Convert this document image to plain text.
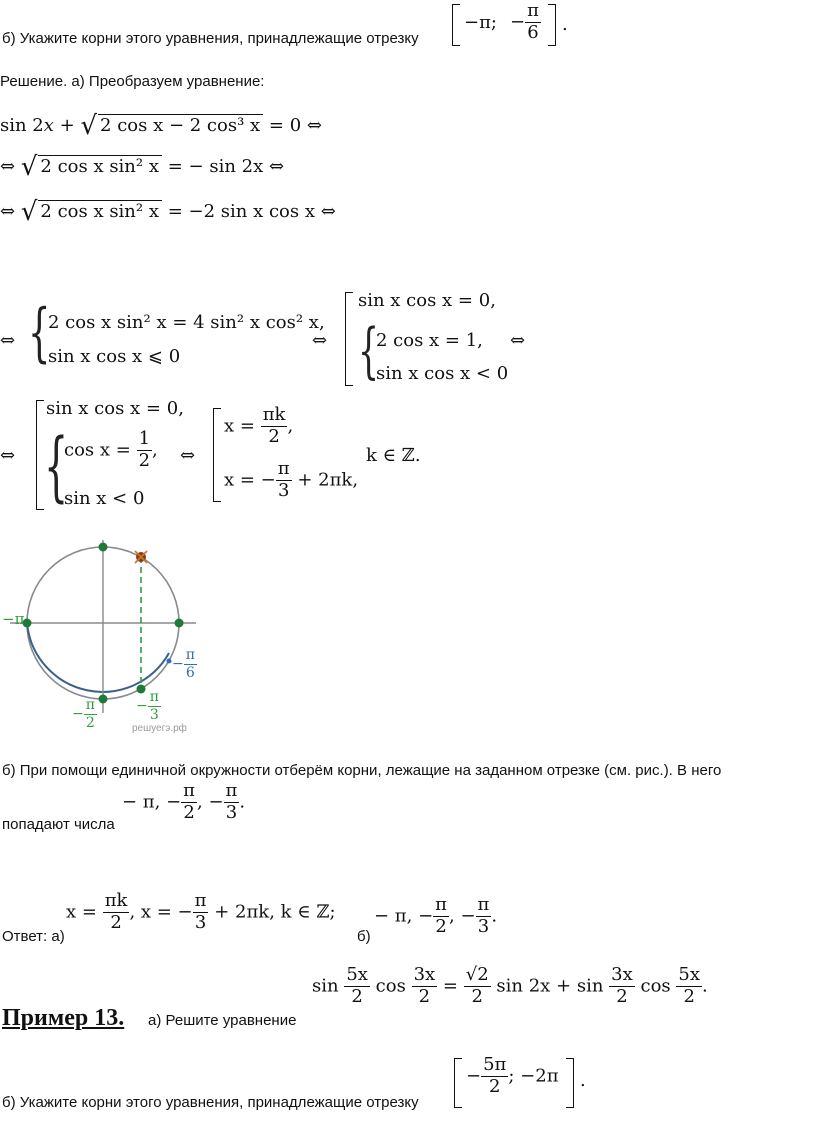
б) Укажите корни этого уравнения, принадлежащие отрезку
−π; − $\frac{\pi}{6}$ .
Решение. а) Преобразуем уравнение:
sin 2x + √ 2 cos x − 2 cos³ x = 0 ⇔
⇔ √ 2 cos x sin² x = − sin 2x ⇔
⇔ √ 2 cos x sin² x = −2 sin x cos x ⇔
⇔ {
2 cos x sin² x = 4 sin² x cos² x,
sin x cos x ⩽ 0
⇔
sin x cos x = 0,
{
2 cos x = 1,
sin x cos x < 0
⇔
⇔
sin x cos x = 0,
{
$\cos x = \frac{1}{2}$ ,
sin x < 0
⇔
$x = \frac{\pi k}{2}$ ,
x = − $\frac{\pi}{3} + 2\pi k$,
k ∈ ℤ.
−π
− $\frac{\pi}{6}$
− $\frac{\pi}{2}$	− $\frac{\pi}{3}$
решуегэ.рф
б) При помощи единичной окружности отберём корни, лежащие на заданном отрезке (см. рис.). В него
попадают числа
− π, − $\frac{\pi}{2}$ , − $\frac{\pi}{3}$ .
Ответ: а)
$x = \frac{\pi k}{2}$ , x = − $\frac{\pi}{3} + 2\pi k$, k ∈ ℤ;
б)
− π, − $\frac{\pi}{2}$ , − $\frac{\pi}{3}$ .
Пример 13. а) Решите уравнение
$\sin \frac{5x}{2}$ $\cos \frac{3x}{2} = \frac{√2}{2}$ $\sin 2x + \sin \frac{3x}{2}$ $\cos \frac{5x}{2}$ .
б) Укажите корни этого уравнения, принадлежащие отрезку
− $\frac{5\pi}{2}$ ; −2π .
